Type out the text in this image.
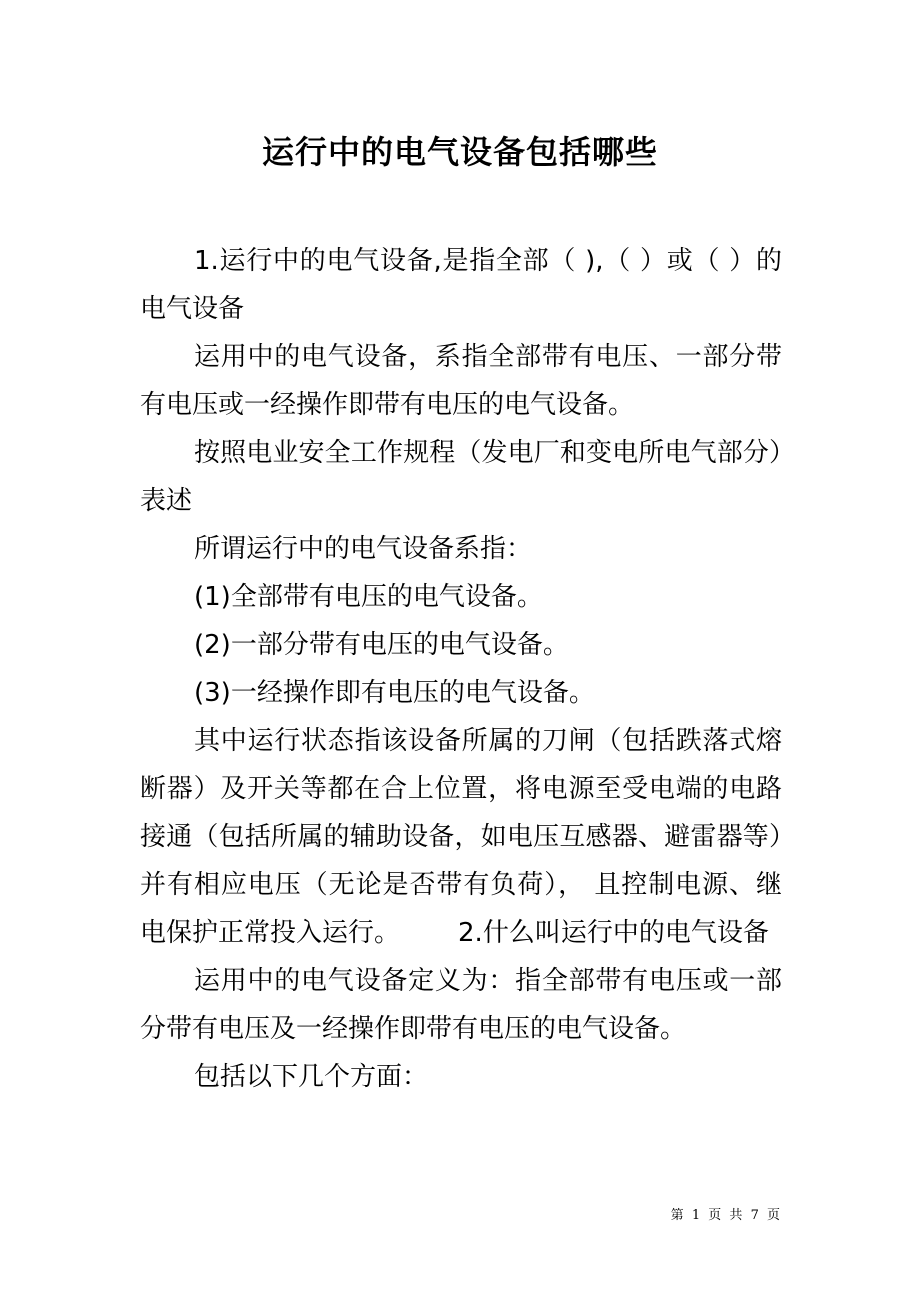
运行中的电气设备包括哪些

1.运行中的电气设备,是指全部（ ),（ ）或（ ）的电气设备

运用中的电气设备，系指全部带有电压、一部分带有电压或一经操作即带有电压的电气设备。

按照电业安全工作规程（发电厂和变电所电气部分）表述

所谓运行中的电气设备系指：

(1)全部带有电压的电气设备。

(2)一部分带有电压的电气设备。

(3)一经操作即有电压的电气设备。

其中运行状态指该设备所属的刀闸（包括跌落式熔断器）及开关等都在合上位置，将电源至受电端的电路接通（包括所属的辅助设备，如电压互感器、避雷器等）并有相应电压（无论是否带有负荷）， 且控制电源、继电保护正常投入运行。 2.什么叫运行中的电气设备

运用中的电气设备定义为：指全部带有电压或一部分带有电压及一经操作即带有电压的电气设备。

包括以下几个方面：

第 1 页 共 7 页
